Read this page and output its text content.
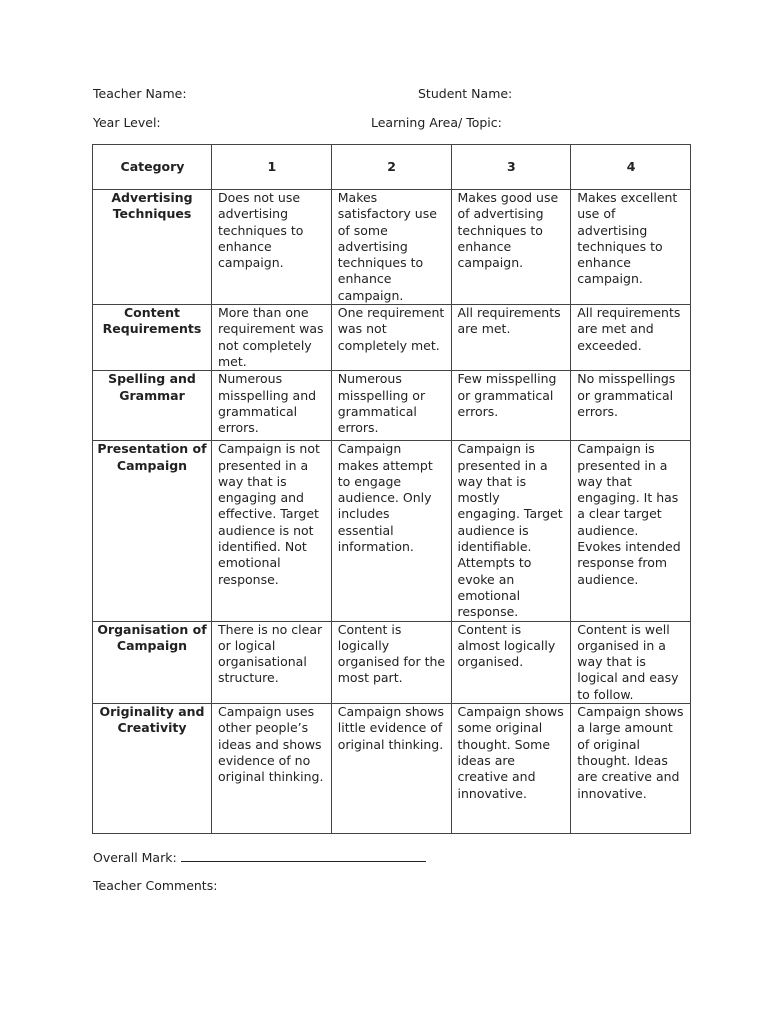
Teacher Name:	Student Name:
Year Level:	Learning Area/ Topic:
Category	1	2	3	4
Advertising Techniques	Does not use advertising techniques to enhance campaign.	Makes satisfactory use of some advertising techniques to enhance campaign.	Makes good use of advertising techniques to enhance campaign.	Makes excellent use of advertising techniques to enhance campaign.
Content Requirements	More than one requirement was not completely met.	One requirement was not completely met.	All requirements are met.	All requirements are met and exceeded.
Spelling and Grammar	Numerous misspelling and grammatical errors.	Numerous misspelling or grammatical errors.	Few misspelling or grammatical errors.	No misspellings or grammatical errors.
Presentation of Campaign	Campaign is not presented in a way that is engaging and effective. Target audience is not identified. Not emotional response.	Campaign makes attempt to engage audience. Only includes essential information.	Campaign is presented in a way that is mostly engaging. Target audience is identifiable. Attempts to evoke an emotional response.	Campaign is presented in a way that engaging. It has a clear target audience. Evokes intended response from audience.
Organisation of Campaign	There is no clear or logical organisational structure.	Content is logically organised for the most part.	Content is almost logically organised.	Content is well organised in a way that is logical and easy to follow.
Originality and Creativity	Campaign uses other people’s ideas and shows evidence of no original thinking.	Campaign shows little evidence of original thinking.	Campaign shows some original thought. Some ideas are creative and innovative.	Campaign shows a large amount of original thought. Ideas are creative and innovative.
Overall Mark:
Teacher Comments:
